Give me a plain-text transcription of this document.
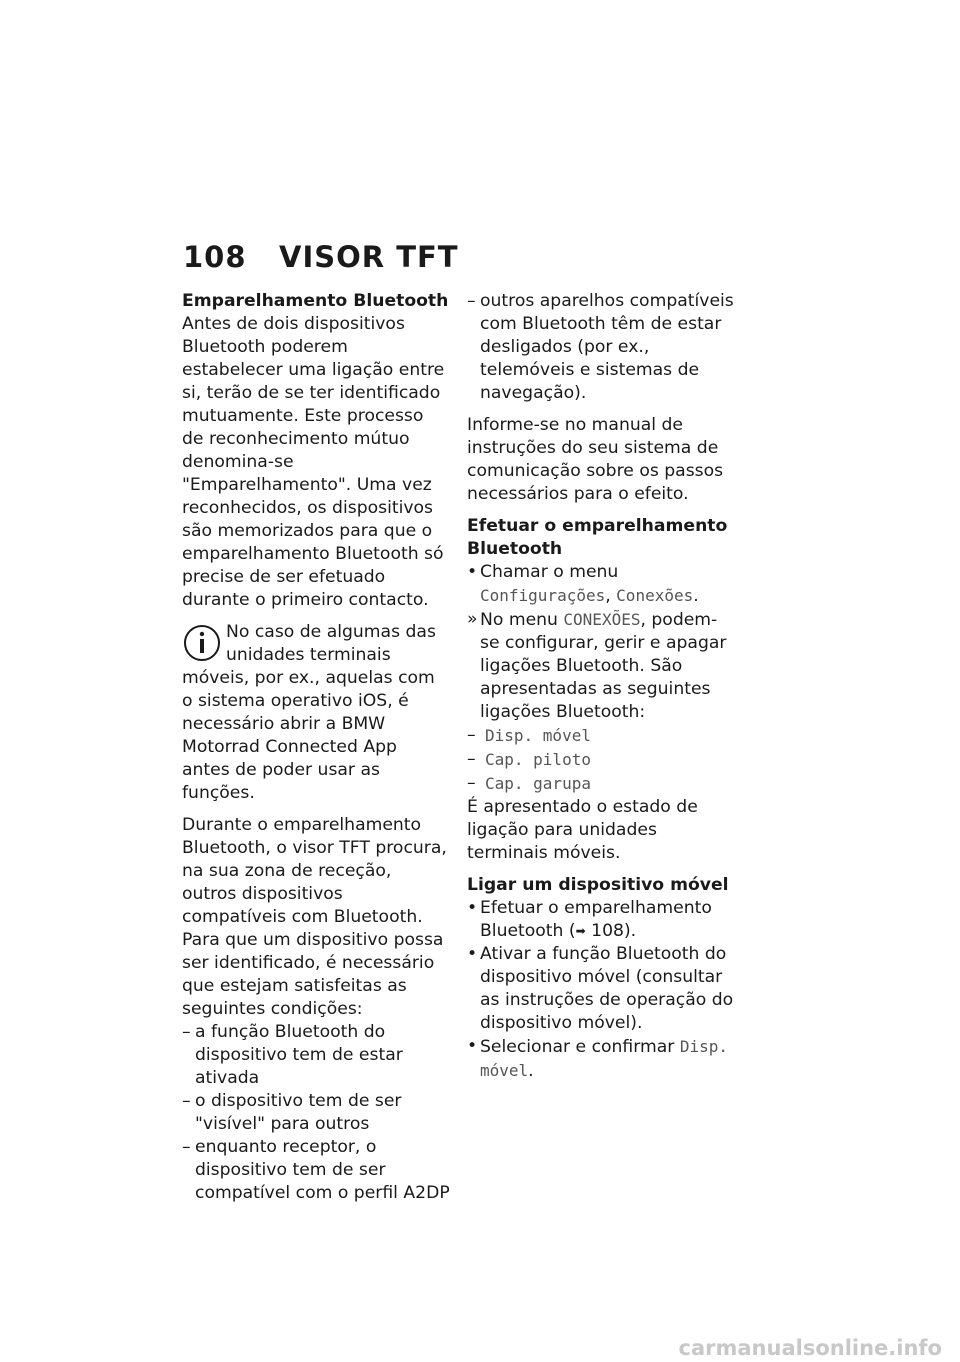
108 VISOR TFT
Emparelhamento Bluetooth

Antes de dois dispositivos Bluetooth poderem estabelecer uma ligação entre si, terão de se ter identificado mutuamente. Este processo de reconhecimento mútuo denomina-se "Emparelhamento". Uma vez reconhecidos, os dispositivos são memorizados para que o emparelhamento Bluetooth só precise de ser efetuado durante o primeiro contacto.

No caso de algumas das unidades terminais móveis, por ex., aquelas com o sistema operativo iOS, é necessário abrir a BMW Motorrad Connected App antes de poder usar as funções.

Durante o emparelhamento Bluetooth, o visor TFT procura, na sua zona de receção, outros dispositivos compatíveis com Bluetooth. Para que um dispositivo possa ser identificado, é necessário que estejam satisfeitas as seguintes condições:

– a função Bluetooth do dispositivo tem de estar ativada
– o dispositivo tem de ser "visível" para outros
– enquanto receptor, o dispositivo tem de ser compatível com o perfil A2DP
– outros aparelhos compatíveis com Bluetooth têm de estar desligados (por ex., telemóveis e sistemas de navegação).

Informe-se no manual de instruções do seu sistema de comunicação sobre os passos necessários para o efeito.

Efetuar o emparelhamento Bluetooth
• Chamar o menu Configurações, Conexões.
» No menu CONEXÕES, podem-se configurar, gerir e apagar ligações Bluetooth. São apresentadas as seguintes ligações Bluetooth:
– Disp. móvel
– Cap. piloto
– Cap. garupa

É apresentado o estado de ligação para unidades terminais móveis.

Ligar um dispositivo móvel
• Efetuar o emparelhamento Bluetooth (➡ 108).
• Ativar a função Bluetooth do dispositivo móvel (consultar as instruções de operação do dispositivo móvel).
• Selecionar e confirmar Disp. móvel.
carmanualsonline.info
